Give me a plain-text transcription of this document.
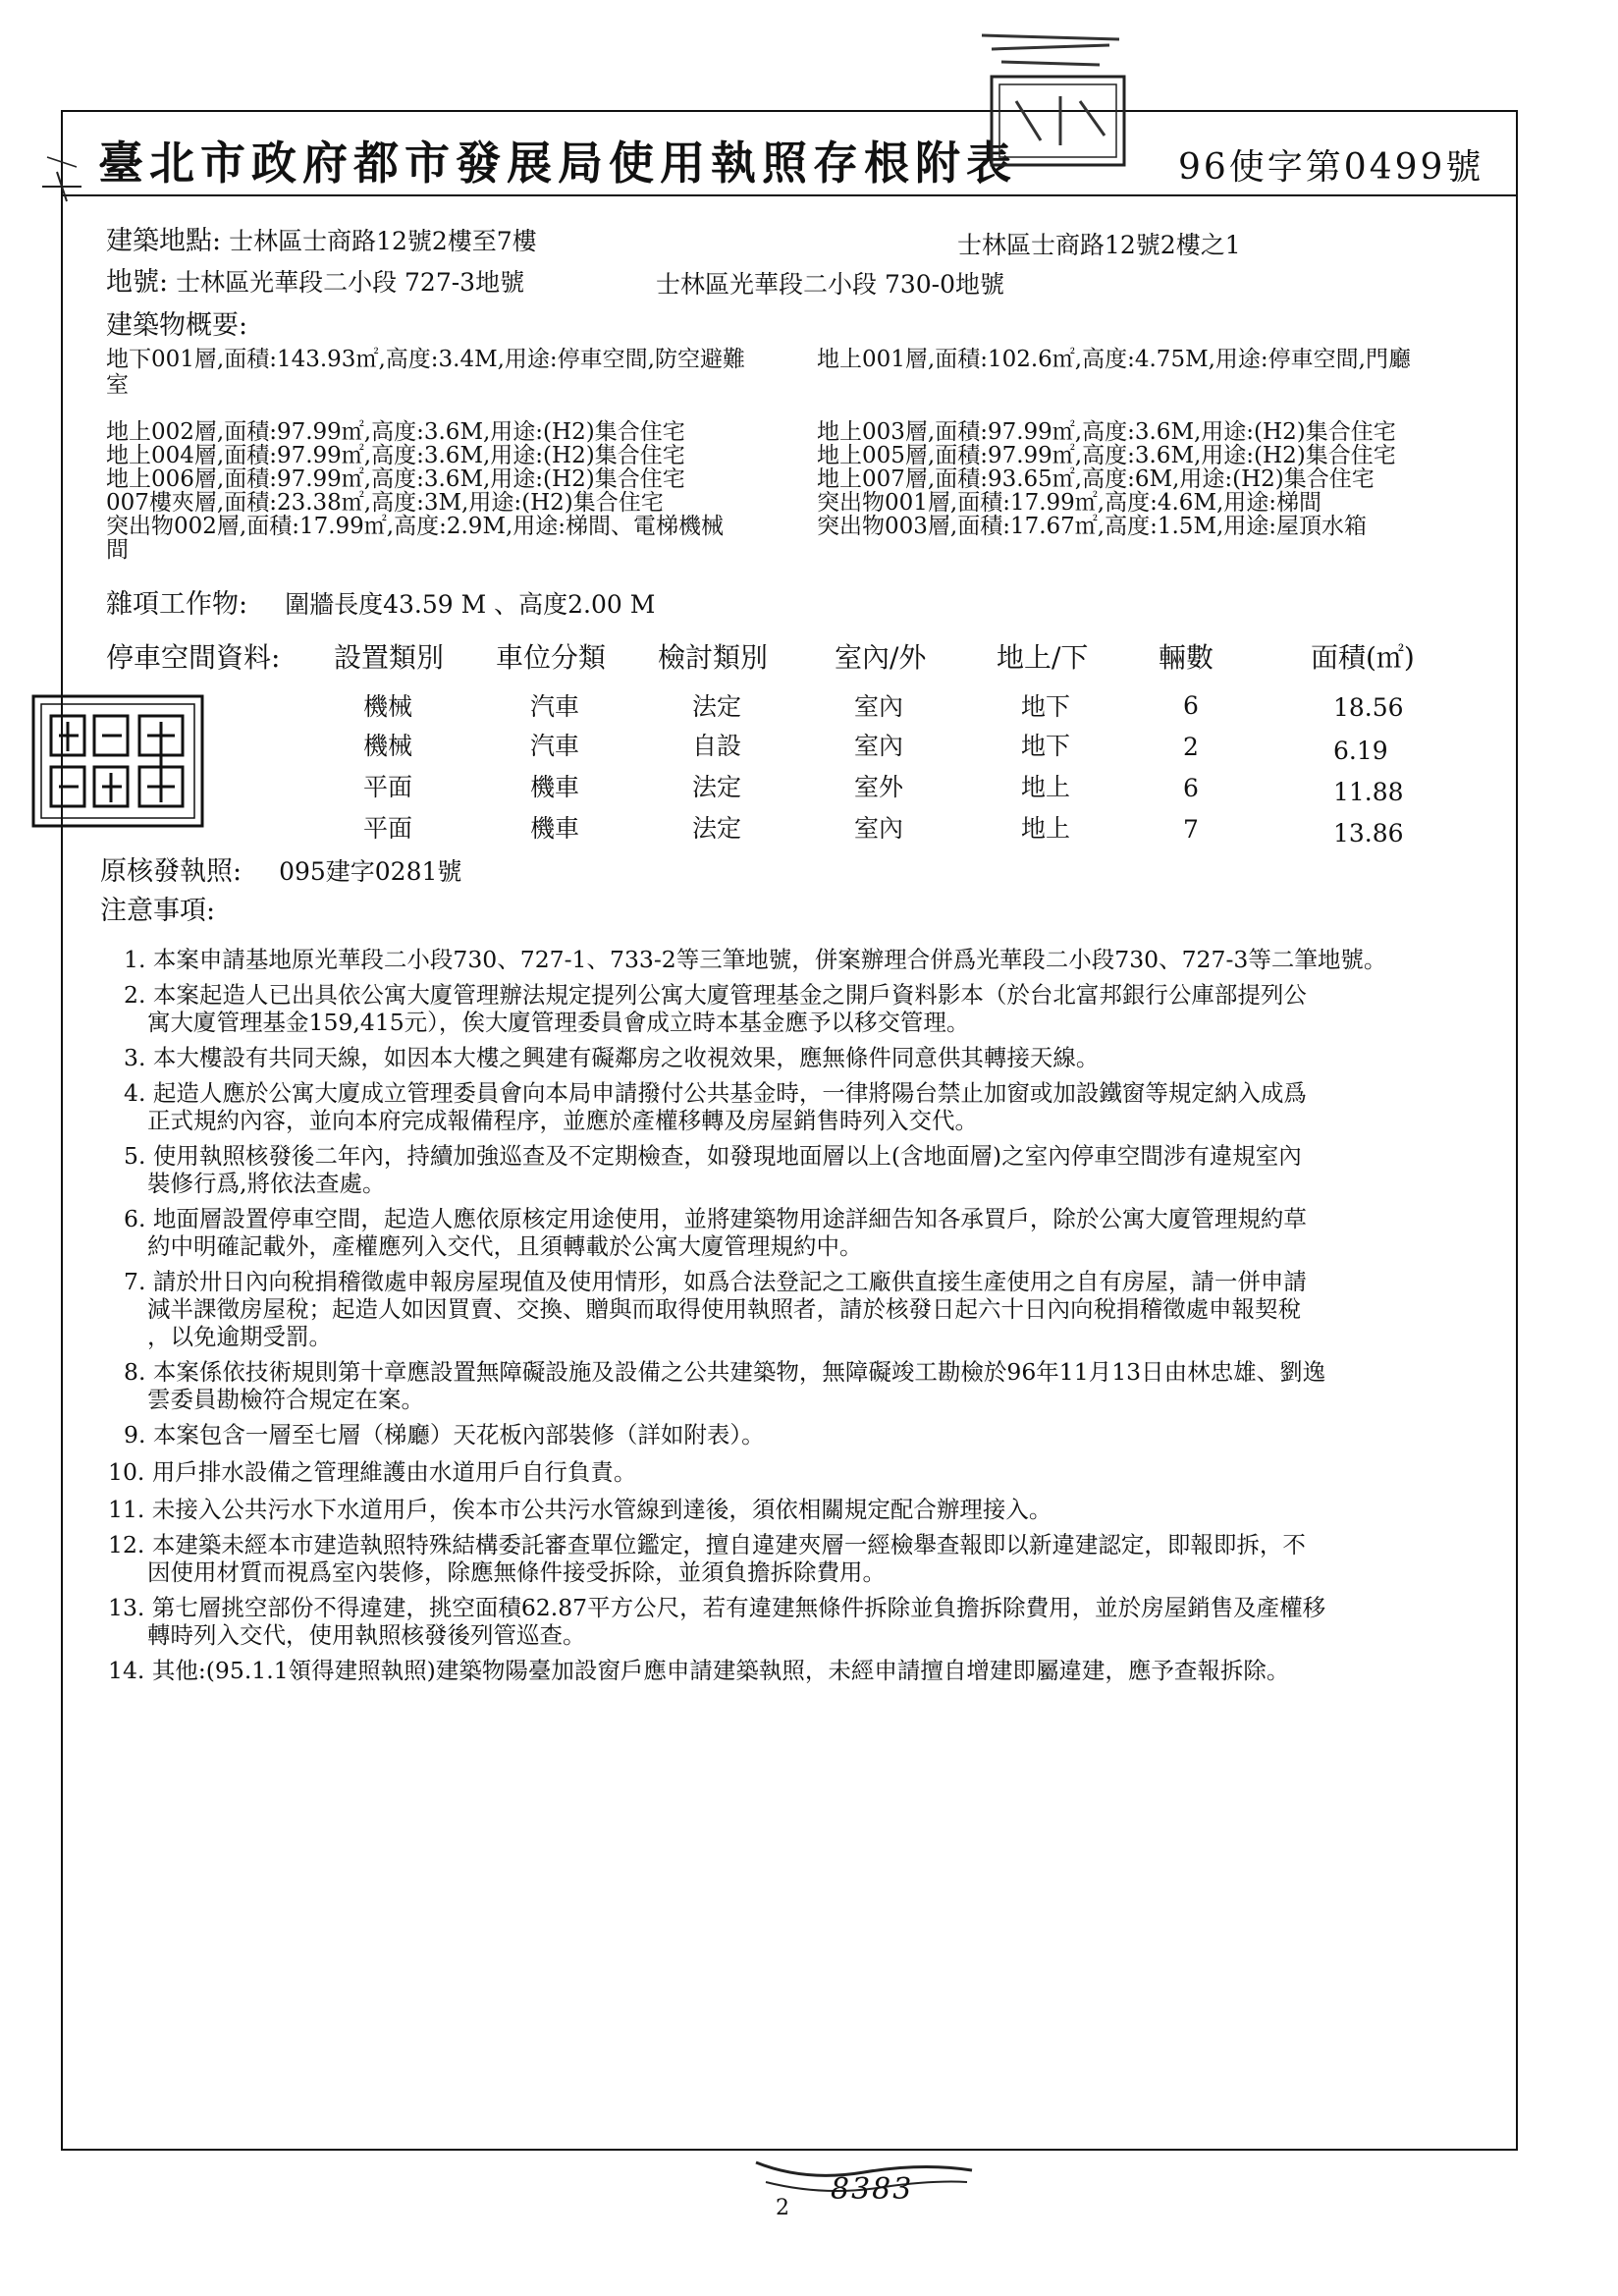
臺北市政府都市發展局使用執照存根附表	96使字第0499號
建築地點: 士林區士商路12號2樓至7樓	士林區士商路12號2樓之1
地號: 士林區光華段二小段 727-3地號	士林區光華段二小段 730-0地號
建築物概要:
地下001層,面積:143.93㎡,高度:3.4M,用途:停車空間,防空避難	地上001層,面積:102.6㎡,高度:4.75M,用途:停車空間,門廳
室
地上002層,面積:97.99㎡,高度:3.6M,用途:(H2)集合住宅
地上004層,面積:97.99㎡,高度:3.6M,用途:(H2)集合住宅
地上006層,面積:97.99㎡,高度:3.6M,用途:(H2)集合住宅
007樓夾層,面積:23.38㎡,高度:3M,用途:(H2)集合住宅
突出物002層,面積:17.99㎡,高度:2.9M,用途:梯間、電梯機械
間
地上003層,面積:97.99㎡,高度:3.6M,用途:(H2)集合住宅
地上005層,面積:97.99㎡,高度:3.6M,用途:(H2)集合住宅
地上007層,面積:93.65㎡,高度:6M,用途:(H2)集合住宅
突出物001層,面積:17.99㎡,高度:4.6M,用途:梯間
突出物003層,面積:17.67㎡,高度:1.5M,用途:屋頂水箱
雜項工作物: 圍牆長度43.59 M 、高度2.00 M
停車空間資料: 設置類別 車位分類 檢討類別 室內/外	地上/下	輛數	面積(㎡)
機械	汽車	法定	室內	地下	6	18.56
機械	汽車	自設	室內	地下	2	6.19
平面	機車	法定	室外	地上	6	11.88
平面	機車	法定	室內	地上	7	13.86
原核發執照: 095建字0281號
注意事項:
1. 本案申請基地原光華段二小段730、727-1、733-2等三筆地號，併案辦理合併爲光華段二小段730、727-3等二筆地號。
2. 本案起造人已出具依公寓大廈管理辦法規定提列公寓大廈管理基金之開戶資料影本（於台北富邦銀行公庫部提列公
寓大廈管理基金159,415元），俟大廈管理委員會成立時本基金應予以移交管理。
3. 本大樓設有共同天線，如因本大樓之興建有礙鄰房之收視效果，應無條件同意供其轉接天線。
4. 起造人應於公寓大廈成立管理委員會向本局申請撥付公共基金時，一律將陽台禁止加窗或加設鐵窗等規定納入成爲
正式規約內容，並向本府完成報備程序，並應於產權移轉及房屋銷售時列入交代。
5. 使用執照核發後二年內，持續加強巡查及不定期檢查，如發現地面層以上(含地面層)之室內停車空間涉有違規室內
裝修行爲,將依法查處。
6. 地面層設置停車空間，起造人應依原核定用途使用，並將建築物用途詳細告知各承買戶，除於公寓大廈管理規約草
約中明確記載外，產權應列入交代，且須轉載於公寓大廈管理規約中。
7. 請於卅日內向稅捐稽徵處申報房屋現值及使用情形，如爲合法登記之工廠供直接生產使用之自有房屋，請一併申請
減半課徵房屋稅；起造人如因買賣、交換、贈與而取得使用執照者，請於核發日起六十日內向稅捐稽徵處申報契稅
，以免逾期受罰。
8. 本案係依技術規則第十章應設置無障礙設施及設備之公共建築物，無障礙竣工勘檢於96年11月13日由林忠雄、劉逸
雲委員勘檢符合規定在案。
9. 本案包含一層至七層（梯廳）天花板內部裝修（詳如附表）。
10. 用戶排水設備之管理維護由水道用戶自行負責。
11. 未接入公共污水下水道用戶，俟本市公共污水管線到達後，須依相關規定配合辦理接入。
12. 本建築未經本市建造執照特殊結構委託審查單位鑑定，擅自違建夾層一經檢舉查報即以新違建認定，即報即拆，不
因使用材質而視爲室內裝修，除應無條件接受拆除，並須負擔拆除費用。
13. 第七層挑空部份不得違建，挑空面積62.87平方公尺，若有違建無條件拆除並負擔拆除費用，並於房屋銷售及產權移
轉時列入交代，使用執照核發後列管巡查。
14. 其他:(95.1.1領得建照執照)建築物陽臺加設窗戶應申請建築執照，未經申請擅自增建即屬違建，應予查報拆除。
2
8383
